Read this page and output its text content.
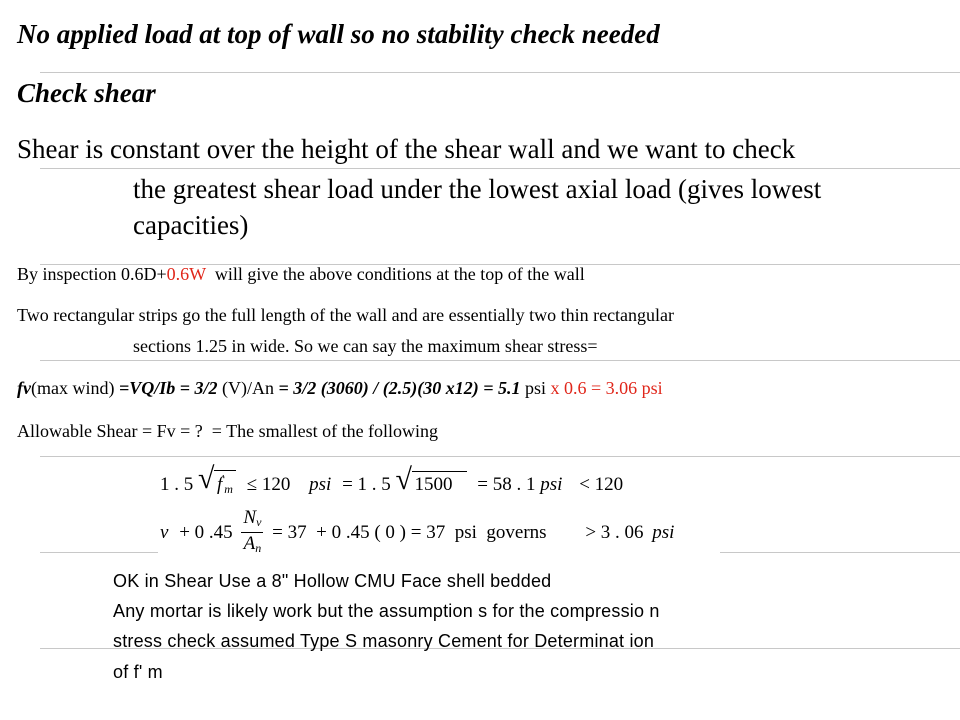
No applied load at top of wall so no stability check needed
Check shear
Shear is constant over the height of the shear wall and we want to check
the greatest shear load under the lowest axial load (gives lowest
capacities)
By inspection 0.6D+0.6W  will give the above conditions at the top of the wall
Two rectangular strips go the full length of the wall and are essentially two thin rectangular
sections 1.25 in wide. So we can say the maximum shear stress=
fv(max wind) =VQ/Ib = 3/2 (V)/An = 3/2 (3060) / (2.5)(30 x12) = 5.1 psi x 0.6 = 3.06 psi
Allowable Shear = Fv = ?  = The smallest of the following
1 . 5 √ $f'_m \le 120$ psi = 1 . 5 √ 1500 = 58 . 1 psi < 120
ν + 0 $.45 \frac{N_v}{A_n} = 37 + 0$ .45 ( 0 ) = 37  psi  governs > 3 . 06 psi
OK in Shear Use a 8" Hollow CMU Face shell bedded
Any mortar is likely work but the assumption s for the compressio n
stress check assumed Type S masonry Cement for Determinat ion
of f' m
